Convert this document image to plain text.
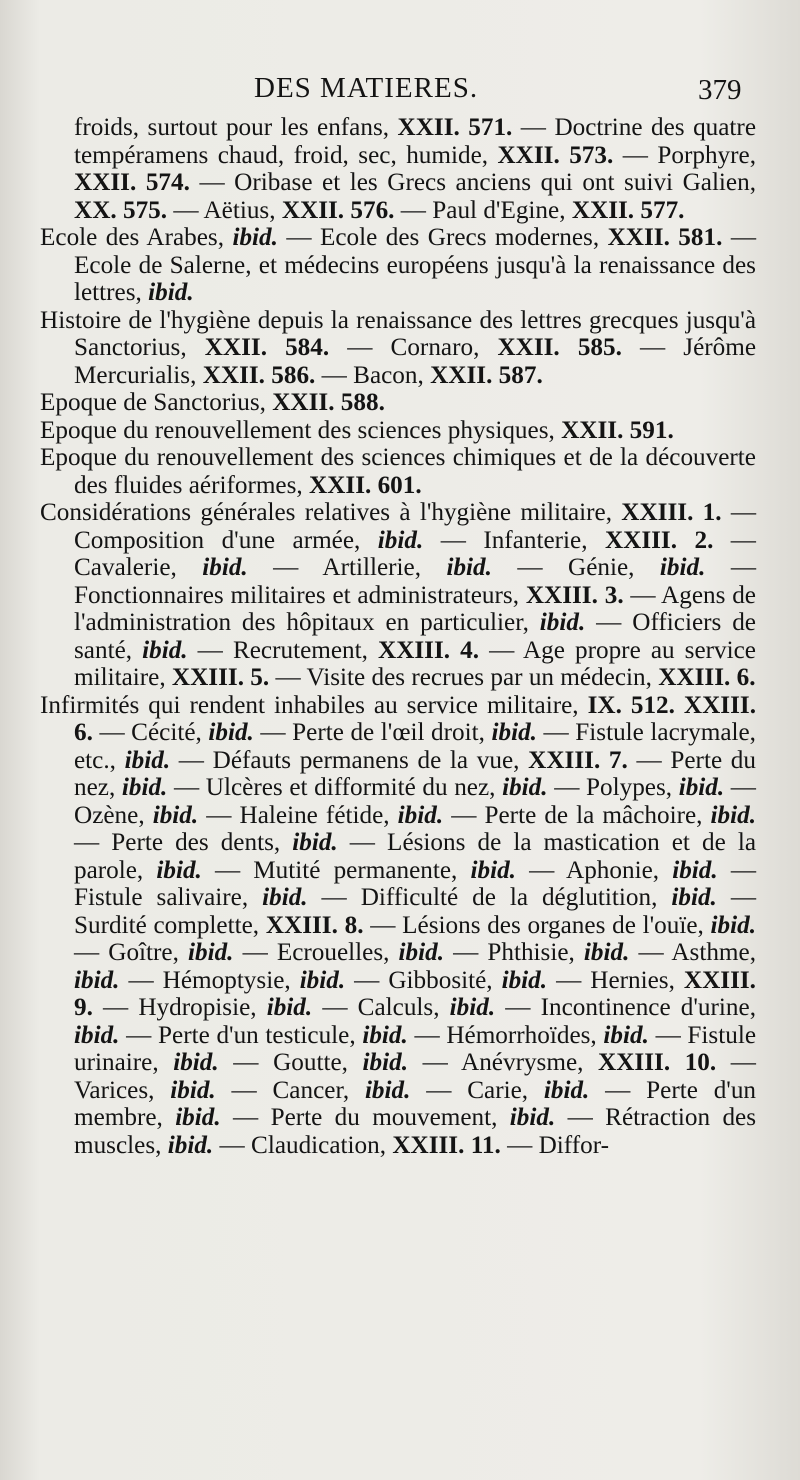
DES MATIERES.	379

froids, surtout pour les enfans, XXII. 571. — Doctrine des quatre tempéramens chaud, froid, sec, humide, XXII. 573. — Porphyre, XXII. 574. — Oribase et les Grecs anciens qui ont suivi Galien, XX. 575. — Aëtius, XXII. 576. — Paul d'Egine, XXII. 577.

Ecole des Arabes, ibid. — Ecole des Grecs modernes, XXII. 581. — Ecole de Salerne, et médecins européens jusqu'à la renaissance des lettres, ibid.

Histoire de l'hygiène depuis la renaissance des lettres grecques jusqu'à Sanctorius, XXII. 584. — Cornaro, XXII. 585. — Jérôme Mercurialis, XXII. 586. — Bacon, XXII. 587.

Epoque de Sanctorius, XXII. 588.

Epoque du renouvellement des sciences physiques, XXII. 591.

Epoque du renouvellement des sciences chimiques et de la découverte des fluides aériformes, XXII. 601.

Considérations générales relatives à l'hygiène militaire, XXIII. 1. — Composition d'une armée, ibid. — Infanterie, XXIII. 2. — Cavalerie, ibid. — Artillerie, ibid. — Génie, ibid. — Fonctionnaires militaires et administrateurs, XXIII. 3. — Agens de l'administration des hôpitaux en particulier, ibid. — Officiers de santé, ibid. — Recrutement, XXIII. 4. — Age propre au service militaire, XXIII. 5. — Visite des recrues par un médecin, XXIII. 6.

Infirmités qui rendent inhabiles au service militaire, IX. 512. XXIII. 6. — Cécité, ibid. — Perte de l'œil droit, ibid. — Fistule lacrymale, etc., ibid. — Défauts permanens de la vue, XXIII. 7. — Perte du nez, ibid. — Ulcères et difformité du nez, ibid. — Polypes, ibid. — Ozène, ibid. — Haleine fétide, ibid. — Perte de la mâchoire, ibid. — Perte des dents, ibid. — Lésions de la mastication et de la parole, ibid. — Mutité permanente, ibid. — Aphonie, ibid. — Fistule salivaire, ibid. — Difficulté de la déglutition, ibid. — Surdité complette, XXIII. 8. — Lésions des organes de l'ouïe, ibid. — Goître, ibid. — Ecrouelles, ibid. — Phthisie, ibid. — Asthme, ibid. — Hémoptysie, ibid. — Gibbosité, ibid. — Hernies, XXIII. 9. — Hydropisie, ibid. — Calculs, ibid. — Incontinence d'urine, ibid. — Perte d'un testicule, ibid. — Hémorrhoïdes, ibid. — Fistule urinaire, ibid. — Goutte, ibid. — Anévrysme, XXIII. 10. — Varices, ibid. — Cancer, ibid. — Carie, ibid. — Perte d'un membre, ibid. — Perte du mouvement, ibid. — Rétraction des muscles, ibid. — Claudication, XXIII. 11. — Diffor-
